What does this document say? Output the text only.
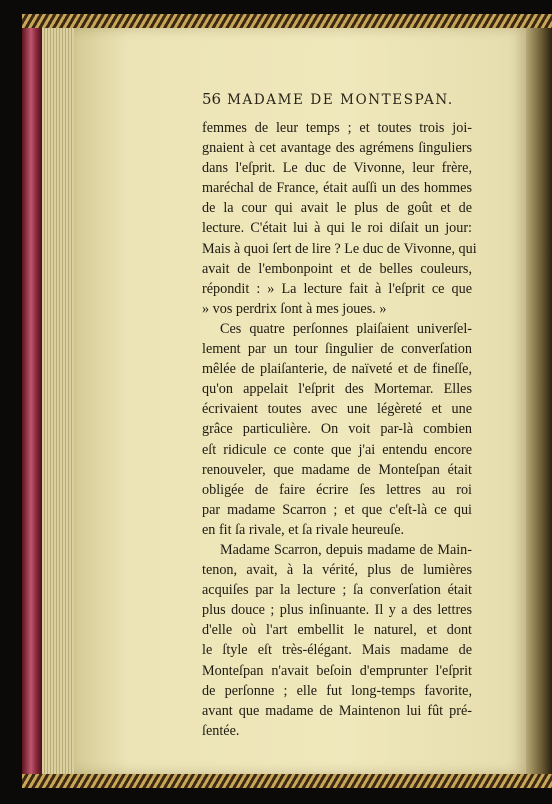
56 MADAME DE MONTESPAN.
femmes de leur temps ; et toutes trois joi-
gnaient à cet avantage des agrémens ſinguliers
dans l'eſprit. Le duc de Vivonne, leur frère,
maréchal de France, était auſſi un des hommes
de la cour qui avait le plus de goût et de
lecture. C'était lui à qui le roi diſait un jour:
Mais à quoi ſert de lire ? Le duc de Vivonne, qui
avait de l'embonpoint et de belles couleurs,
répondit : » La lecture fait à l'eſprit ce que
» vos perdrix ſont à mes joues. »
Ces quatre perſonnes plaiſaient univerſel-
lement par un tour ſingulier de converſation
mêlée de plaiſanterie, de naïveté et de fineſſe,
qu'on appelait l'eſprit des Mortemar. Elles
écrivaient toutes avec une légèreté et une
grâce particulière. On voit par-là combien
eſt ridicule ce conte que j'ai entendu encore
renouveler, que madame de Monteſpan était
obligée de faire écrire ſes lettres au roi
par madame Scarron ; et que c'eſt-là ce qui
en fit ſa rivale, et ſa rivale heureuſe.
Madame Scarron, depuis madame de Main-
tenon, avait, à la vérité, plus de lumières
acquiſes par la lecture ; ſa converſation était
plus douce ; plus inſinuante. Il y a des lettres
d'elle où l'art embellit le naturel, et dont
le ſtyle eſt très-élégant. Mais madame de
Monteſpan n'avait beſoin d'emprunter l'eſprit
de perſonne ; elle fut long-temps favorite,
avant que madame de Maintenon lui fût pré-
ſentée.
